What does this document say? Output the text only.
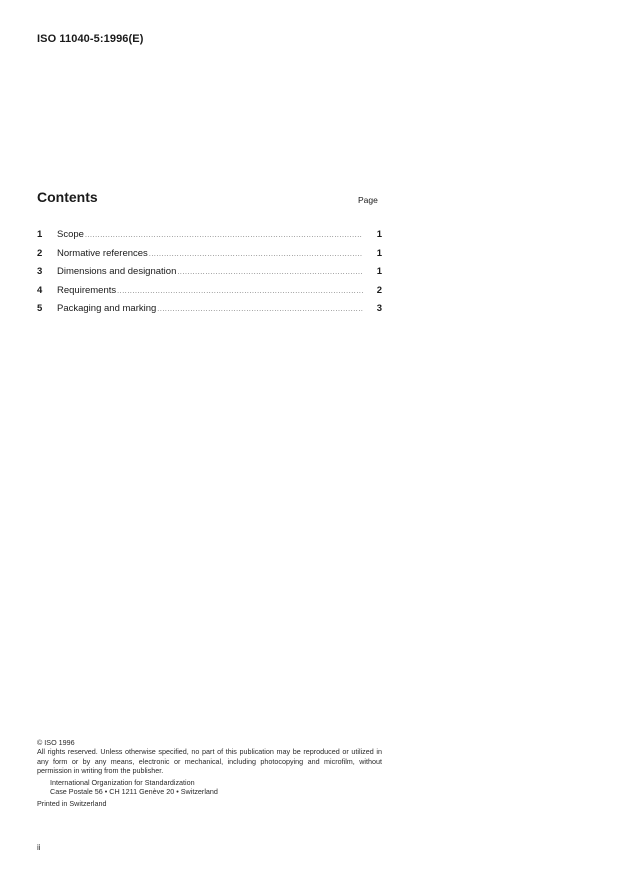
ISO 11040-5:1996(E)
Contents	Page
1	Scope .....	1
2	Normative references .....	1
3	Dimensions and designation .....	1
4	Requirements .....	2
5	Packaging and marking .....	3
© ISO 1996
All rights reserved. Unless otherwise specified, no part of this publication may be reproduced or utilized in any form or by any means, electronic or mechanical, including photocopying and microfilm, without permission in writing from the publisher.
International Organization for Standardization
Case Postale 56 • CH 1211 Genève 20 • Switzerland
Printed in Switzerland
ii
